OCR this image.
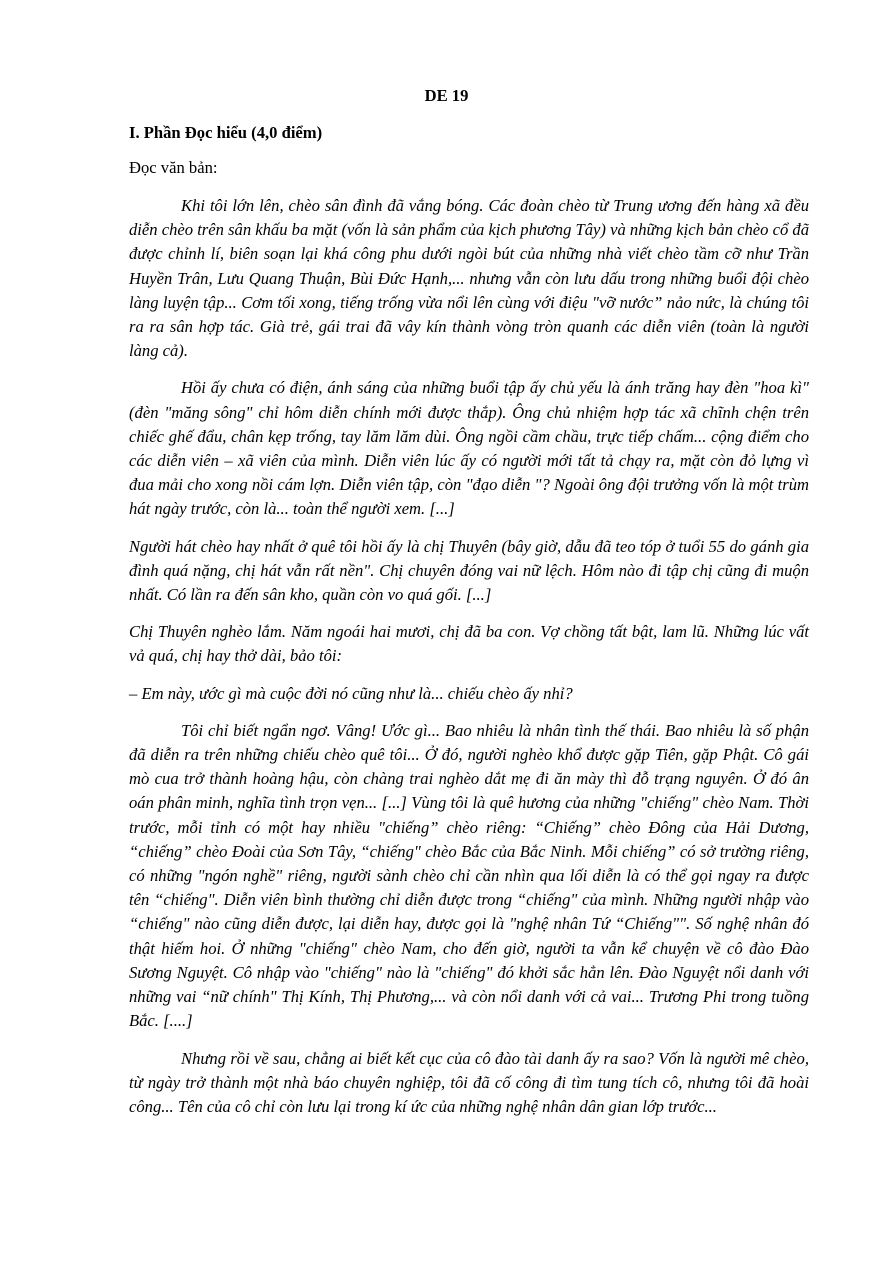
DE 19
I. Phần Đọc hiểu (4,0 điểm)
Đọc văn bản:

Khi tôi lớn lên, chèo sân đình đã vắng bóng. Các đoàn chèo từ Trung ương đến hàng xã đều diễn chèo trên sân khấu ba mặt (vốn là sản phẩm của kịch phương Tây) và những kịch bản chèo cổ đã được chỉnh lí, biên soạn lại khá công phu dưới ngòi bút của những nhà viết chèo tầm cỡ như Trần Huyền Trân, Lưu Quang Thuận, Bùi Đức Hạnh,... nhưng vẫn còn lưu dấu trong những buổi đội chèo làng luyện tập... Cơm tối xong, tiếng trống vừa nổi lên cùng với điệu "vỡ nước” nảo nức, là chúng tôi ra ra sân hợp tác. Già trẻ, gái trai đã vây kín thành vòng tròn quanh các diễn viên (toàn là người làng cả).

Hồi ấy chưa có điện, ánh sáng của những buổi tập ấy chủ yếu là ánh trăng hay đèn "hoa kì" (đèn "măng sông" chỉ hôm diễn chính mới được thắp). Ông chủ nhiệm hợp tác xã chĩnh chện trên chiếc ghế đẩu, chân kẹp trống, tay lăm lăm dùi. Ông ngồi cầm chầu, trực tiếp chấm... cộng điểm cho các diễn viên – xã viên của mình. Diễn viên lúc ấy có người mới tất tả chạy ra, mặt còn đỏ lựng vì đua mải cho xong nồi cám lợn. Diễn viên tập, còn "đạo diễn "? Ngoài ông đội trưởng vốn là một trùm hát ngày trước, còn là... toàn thể người xem. [...]

Người hát chèo hay nhất ở quê tôi hồi ấy là chị Thuyên (bây giờ, dẫu đã teo tóp ở tuổi 55 do gánh gia đình quá nặng, chị hát vẫn rất nền". Chị chuyên đóng vai nữ lệch. Hôm nào đi tập chị cũng đi muộn nhất. Có lần ra đến sân kho, quần còn vo quá gối. [...]

Chị Thuyên nghèo lắm. Năm ngoái hai mươi, chị đã ba con. Vợ chồng tất bật, lam lũ. Những lúc vất vả quá, chị hay thở dài, bảo tôi:

– Em này, ước gì mà cuộc đời nó cũng như là... chiếu chèo ấy nhỉ?

Tôi chỉ biết ngẩn ngơ. Vâng! Ước gì... Bao nhiêu là nhân tình thế thái. Bao nhiêu là số phận đã diễn ra trên những chiếu chèo quê tôi... Ở đó, người nghèo khổ được gặp Tiên, gặp Phật. Cô gái mò cua trở thành hoàng hậu, còn chàng trai nghèo dắt mẹ đi ăn mày thì đỗ trạng nguyên. Ở đó ân oán phân minh, nghĩa tình trọn vẹn... [...] Vùng tôi là quê hương của những "chiếng" chèo Nam. Thời trước, mỗi tỉnh có một hay nhiều "chiếng” chèo riêng: “Chiếng” chèo Đông của Hải Dương, “chiếng” chèo Đoài của Sơn Tây, “chiếng" chèo Bắc của Bắc Ninh. Mỗi chiếng” có sở trường riêng, có những "ngón nghề" riêng, người sành chèo chỉ cần nhìn qua lối diễn là có thể gọi ngay ra được tên “chiếng". Diễn viên bình thường chỉ diễn được trong “chiếng" của mình. Những người nhập vào “chiếng" nào cũng diễn được, lại diễn hay, được gọi là "nghệ nhân Tứ “Chiếng"". Số nghệ nhân đó thật hiếm hoi. Ở những "chiếng" chèo Nam, cho đến giờ, người ta vẫn kể chuyện về cô đào Đào Sương Nguyệt. Cô nhập vào "chiếng" nào là "chiếng" đó khởi sắc hẳn lên. Đào Nguyệt nổi danh với những vai “nữ chính" Thị Kính, Thị Phương,... và còn nổi danh với cả vai... Trương Phi trong tuồng Bắc. [....]

Nhưng rồi về sau, chẳng ai biết kết cục của cô đào tài danh ấy ra sao? Vốn là người mê chèo, từ ngày trở thành một nhà báo chuyên nghiệp, tôi đã cố công đi tìm tung tích cô, nhưng tôi đã hoài công... Tên của cô chỉ còn lưu lại trong kí ức của những nghệ nhân dân gian lớp trước...
